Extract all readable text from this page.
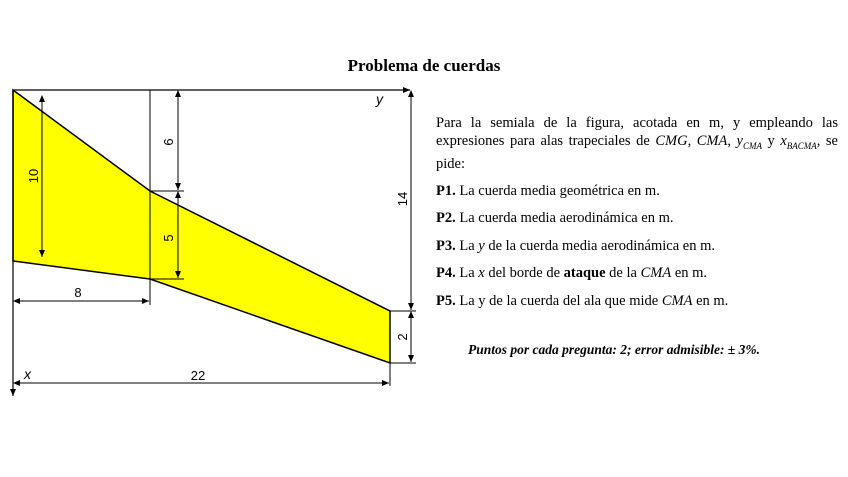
Problema de cuerdas
y
x
10
6
5
14
2
8
22

Para la semiala de la figura, acotada en m, y empleando las expresiones para alas trapeciales de CMG, CMA, $y_{CMA}$ y $x_{BACMA}$, se pide:

P1. La cuerda media geométrica en m.
P2. La cuerda media aerodinámica en m.
P3. La y de la cuerda media aerodinámica en m.
P4. La x del borde de ataque de la CMA en m.
P5. La y de la cuerda del ala que mide CMA en m.
Puntos por cada pregunta: 2; error admisible: ± 3%.
